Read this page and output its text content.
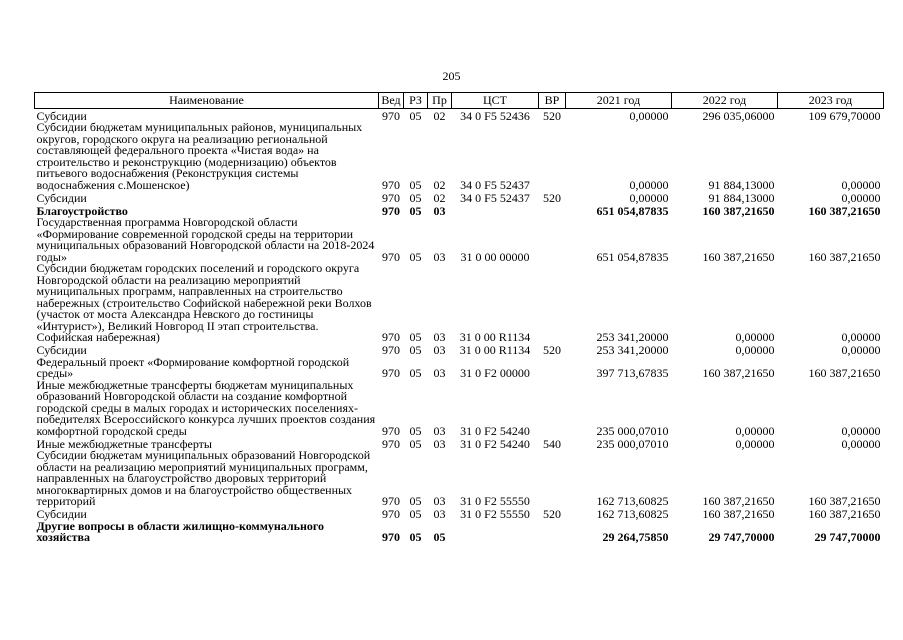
205
Наименование	Вед	РЗ	Пр	ЦСТ	ВР	2021 год	2022 год	2023 год
Субсидии	970	05	02	34 0 F5 52436	520	0,00000	296 035,06000	109 679,70000
Субсидии бюджетам муниципальных районов, муниципальных округов, городского округа на реализацию региональной составляющей федерального проекта «Чистая вода» на строительство и реконструкцию (модернизацию) объектов питьевого водоснабжения (Реконструкция системы водоснабжения с.Мошенское)	970	05	02	34 0 F5 52437		0,00000	91 884,13000	0,00000
Субсидии	970	05	02	34 0 F5 52437	520	0,00000	91 884,13000	0,00000
Благоустройство	970	05	03			651 054,87835	160 387,21650	160 387,21650
Государственная программа Новгородской области «Формирование современной городской среды на территории муниципальных образований Новгородской области на 2018-2024 годы»	970	05	03	31 0 00 00000		651 054,87835	160 387,21650	160 387,21650
Субсидии бюджетам городских поселений и городского округа Новгородской области на реализацию мероприятий муниципальных программ, направленных на строительство набережных (строительство Софийской набережной реки Волхов (участок от моста Александра Невского до гостиницы «Интурист»), Великий Новгород II этап строительства. Софийская набережная)	970	05	03	31 0 00 R1134		253 341,20000	0,00000	0,00000
Субсидии	970	05	03	31 0 00 R1134	520	253 341,20000	0,00000	0,00000
Федеральный проект «Формирование комфортной городской среды»	970	05	03	31 0 F2 00000		397 713,67835	160 387,21650	160 387,21650
Иные межбюджетные трансферты бюджетам муниципальных образований Новгородской области на создание комфортной городской среды в малых городах и исторических поселениях-победителях Всероссийского конкурса лучших проектов создания комфортной городской среды	970	05	03	31 0 F2 54240		235 000,07010	0,00000	0,00000
Иные межбюджетные трансферты	970	05	03	31 0 F2 54240	540	235 000,07010	0,00000	0,00000
Субсидии бюджетам муниципальных образований Новгородской области на реализацию мероприятий муниципальных программ, направленных на благоустройство дворовых территорий многоквартирных домов и на благоустройство общественных территорий	970	05	03	31 0 F2 55550		162 713,60825	160 387,21650	160 387,21650
Субсидии	970	05	03	31 0 F2 55550	520	162 713,60825	160 387,21650	160 387,21650
Другие вопросы в области жилищно-коммунального хозяйства	970	05	05			29 264,75850	29 747,70000	29 747,70000
